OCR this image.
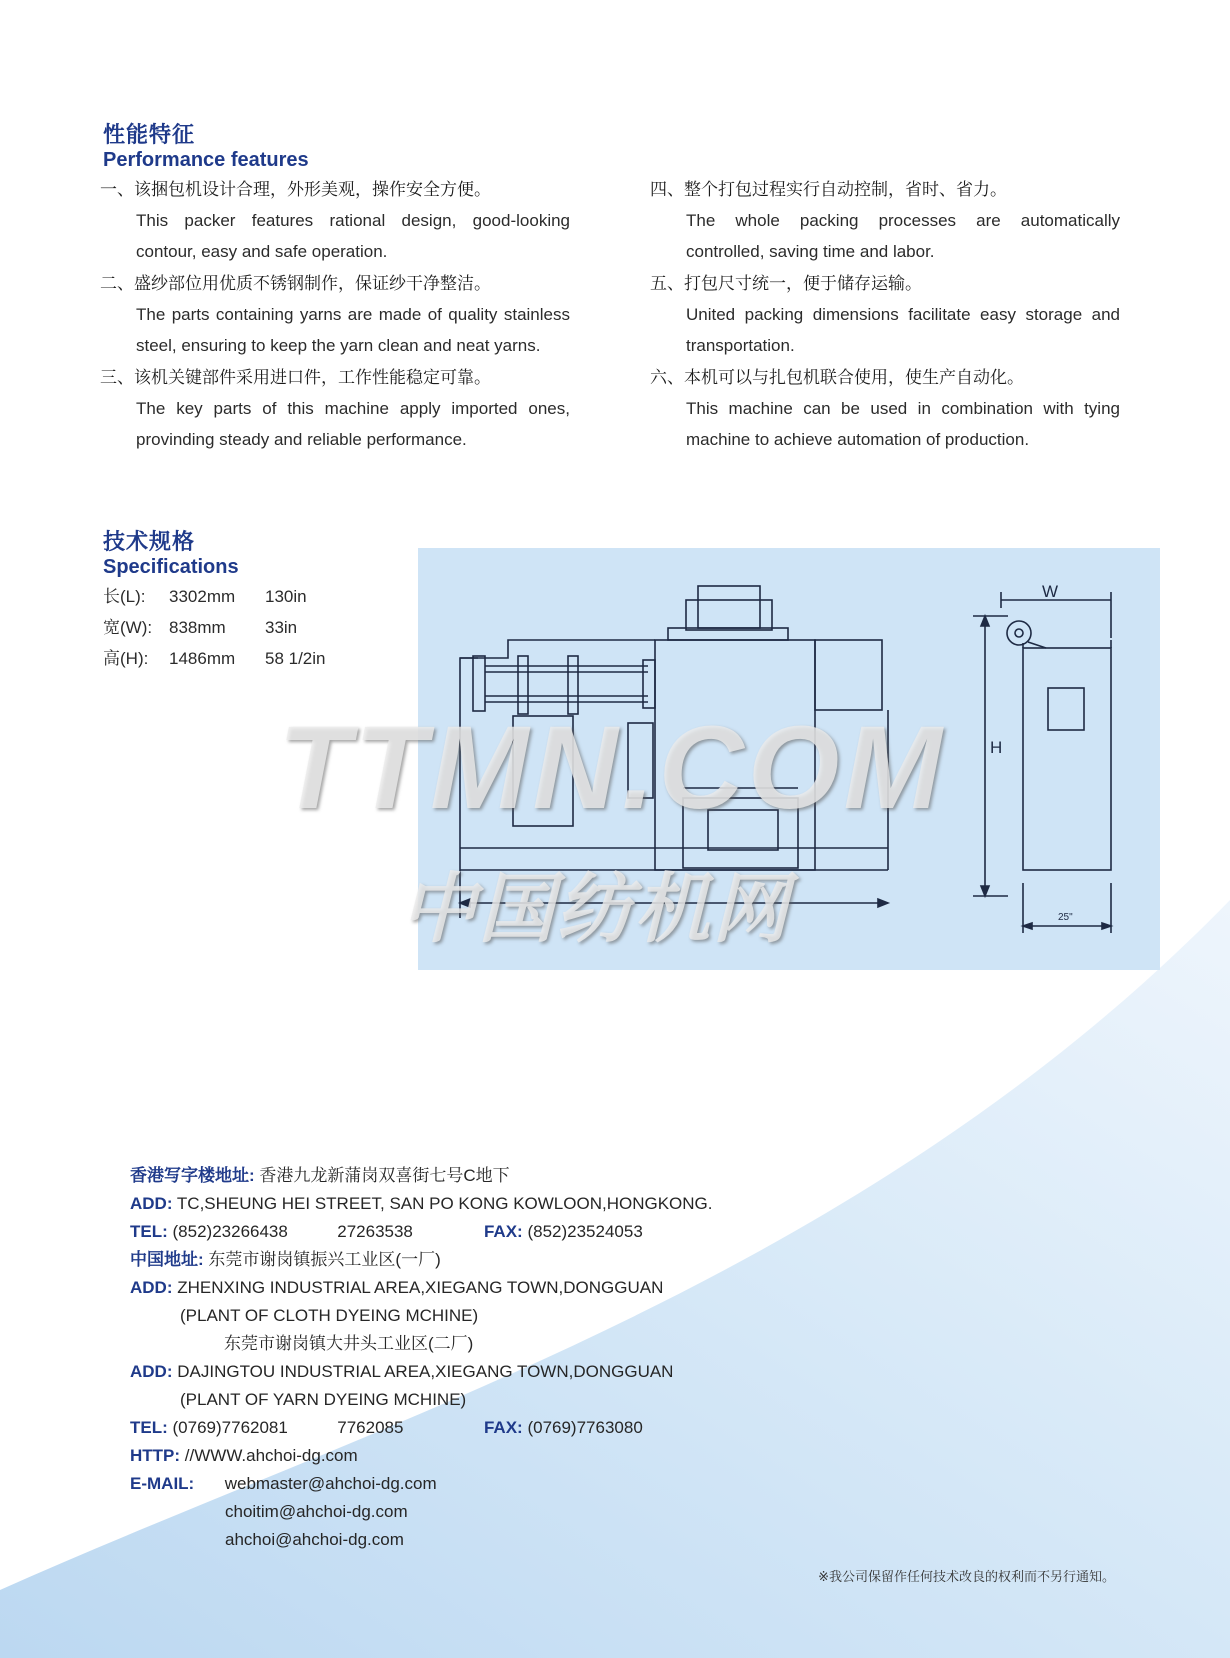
性能特征
Performance features
一、该捆包机设计合理，外形美观，操作安全方便。
This packer features rational design, good-looking contour, easy and safe operation.
二、盛纱部位用优质不锈钢制作，保证纱干净整洁。
The parts containing yarns are made of quality stainless steel, ensuring to keep the yarn clean and neat yarns.
三、该机关键部件采用进口件，工作性能稳定可靠。
The key parts of this machine apply imported ones, provinding steady and reliable performance.
四、整个打包过程实行自动控制，省时、省力。
The whole packing processes are automatically controlled, saving time and labor.
五、打包尺寸统一，便于储存运输。
United packing dimensions facilitate easy storage and transportation.
六、本机可以与扎包机联合使用，使生产自动化。
This machine can be used in combination with tying machine to achieve automation of production.
技术规格
Specifications
长(L):	3302mm	130in
宽(W): 838mm	33in
高(H):	1486mm	58 1/2in
W
H
25"
TTMN.COM
中国纺机网
香港写字楼地址: 香港九龙新蒲岗双喜街七号C地下
ADD: TC,SHEUNG HEI STREET, SAN PO KONG KOWLOON,HONGKONG.
TEL: (852)23266438	27263538	FAX: (852)23524053
中国地址: 东莞市谢岗镇振兴工业区(一厂)
ADD: ZHENXING INDUSTRIAL AREA,XIEGANG TOWN,DONGGUAN
(PLANT OF CLOTH DYEING MCHINE)
东莞市谢岗镇大井头工业区(二厂)
ADD: DAJINGTOU INDUSTRIAL AREA,XIEGANG TOWN,DONGGUAN
(PLANT OF YARN DYEING MCHINE)
TEL: (0769)7762081	7762085	FAX: (0769)7763080
HTTP: //WWW.ahchoi-dg.com
E-MAIL: webmaster@ahchoi-dg.com
choitim@ahchoi-dg.com
ahchoi@ahchoi-dg.com
※我公司保留作任何技术改良的权利而不另行通知。
